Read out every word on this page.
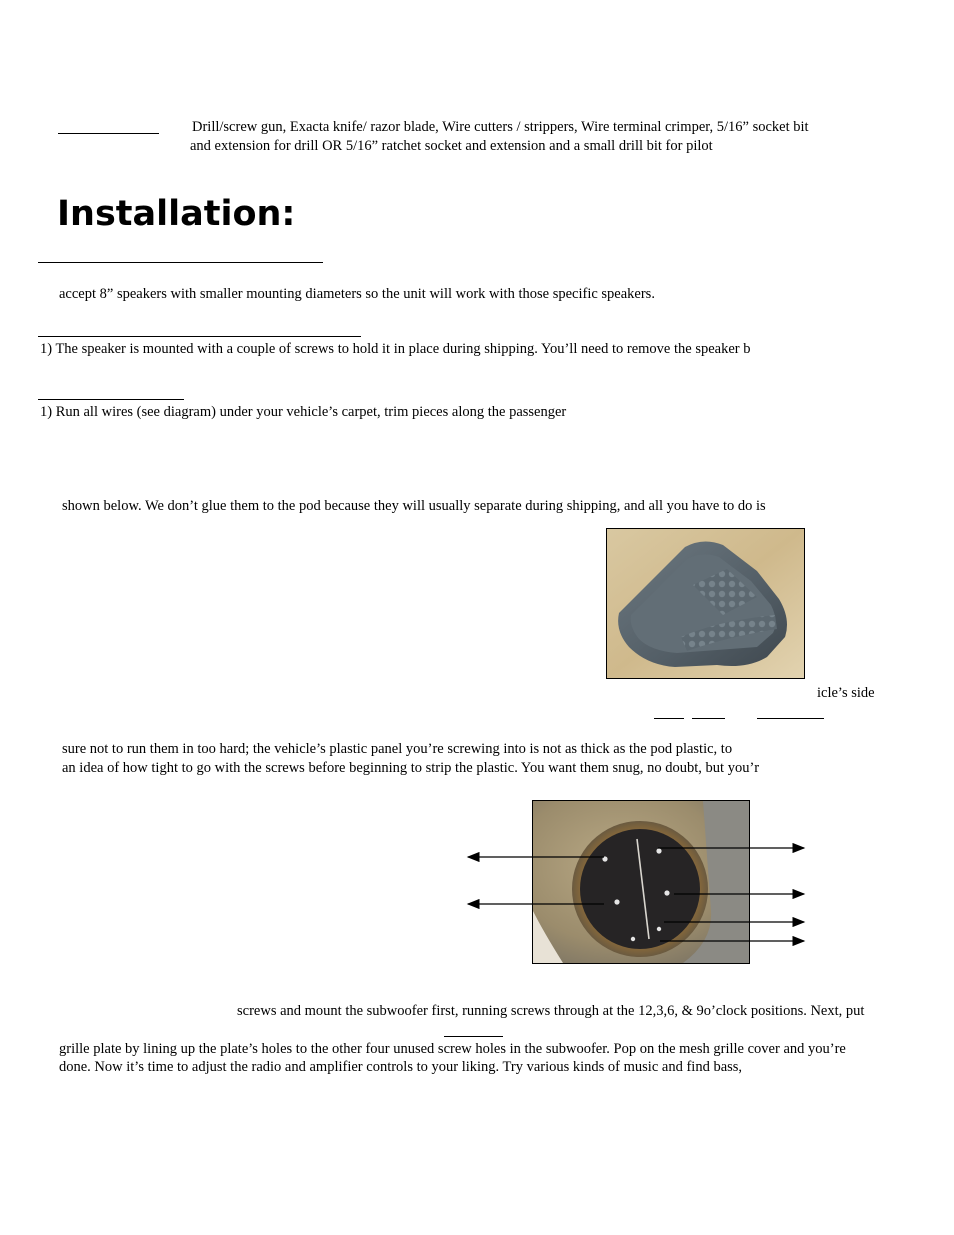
Drill/screw gun, Exacta knife/ razor blade, Wire cutters / strippers, Wire terminal crimper, 5/16” socket bit
and extension for drill OR 5/16” ratchet socket and extension and a small drill bit for pilot
Installation:
accept 8” speakers with smaller mounting diameters so the unit will work with those specific speakers.
1) The speaker is mounted with a couple of screws to hold it in place during shipping. You’ll need to remove the speaker b
1) Run all wires (see diagram) under your vehicle’s carpet, trim pieces along the passenger
shown below. We don’t glue them to the pod because they will usually separate during shipping, and all you have to do is
icle’s side
sure not to run them in too hard; the vehicle’s plastic panel you’re screwing into is not as thick as the pod plastic, to
an idea of how tight to go with the screws before beginning to strip the plastic. You want them snug, no doubt, but you’r
screws and mount the subwoofer first, running screws through at the 12,3,6, & 9o’clock positions. Next, put
grille plate by lining up the plate’s holes to the other four unused screw holes in the subwoofer. Pop on the mesh grille cover and you’re
done. Now it’s time to adjust the radio and amplifier controls to your liking. Try various kinds of music and find bass,
